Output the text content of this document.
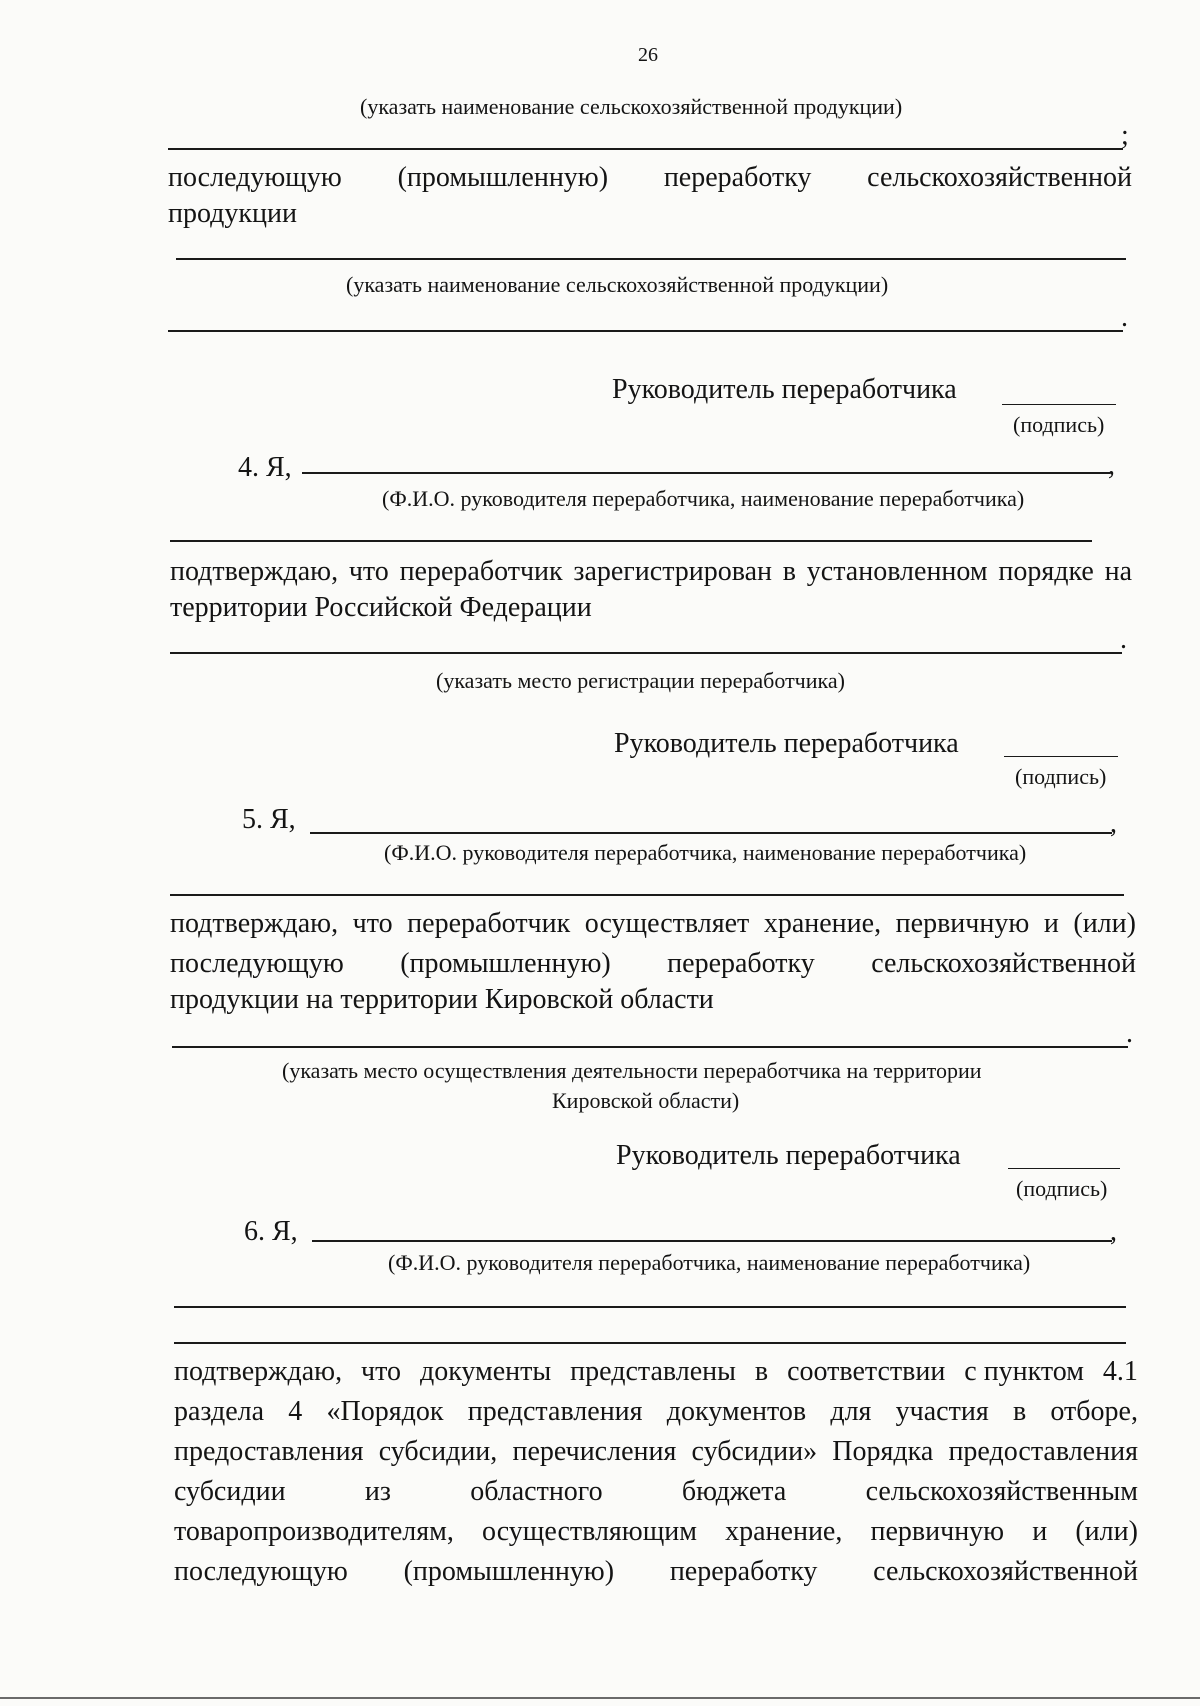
26
(указать наименование сельскохозяйственной продукции)
;
последующую (промышленную) переработку сельскохозяйственной
продукции
(указать наименование сельскохозяйственной продукции)
.
Руководитель переработчика
(подпись)
4. Я,	,
(Ф.И.О. руководителя переработчика, наименование переработчика)
подтверждаю, что переработчик зарегистрирован в установленном порядке на
территории Российской Федерации
.
(указать место регистрации переработчика)
Руководитель переработчика
(подпись)
5. Я,	,
(Ф.И.О. руководителя переработчика, наименование переработчика)
подтверждаю, что переработчик осуществляет хранение, первичную и (или)
последующую (промышленную) переработку сельскохозяйственной
продукции на территории Кировской области
.
(указать место осуществления деятельности переработчика на территории
Кировской области)
Руководитель переработчика
(подпись)
6. Я,	,
(Ф.И.О. руководителя переработчика, наименование переработчика)
подтверждаю, что документы представлены в соответствии с пунктом 4.1
раздела 4 «Порядок представления документов для участия в отборе,
предоставления субсидии, перечисления субсидии» Порядка предоставления
субсидии	из	областного	бюджета	сельскохозяйственным
товаропроизводителям, осуществляющим хранение, первичную и (или)
последующую (промышленную) переработку сельскохозяйственной
